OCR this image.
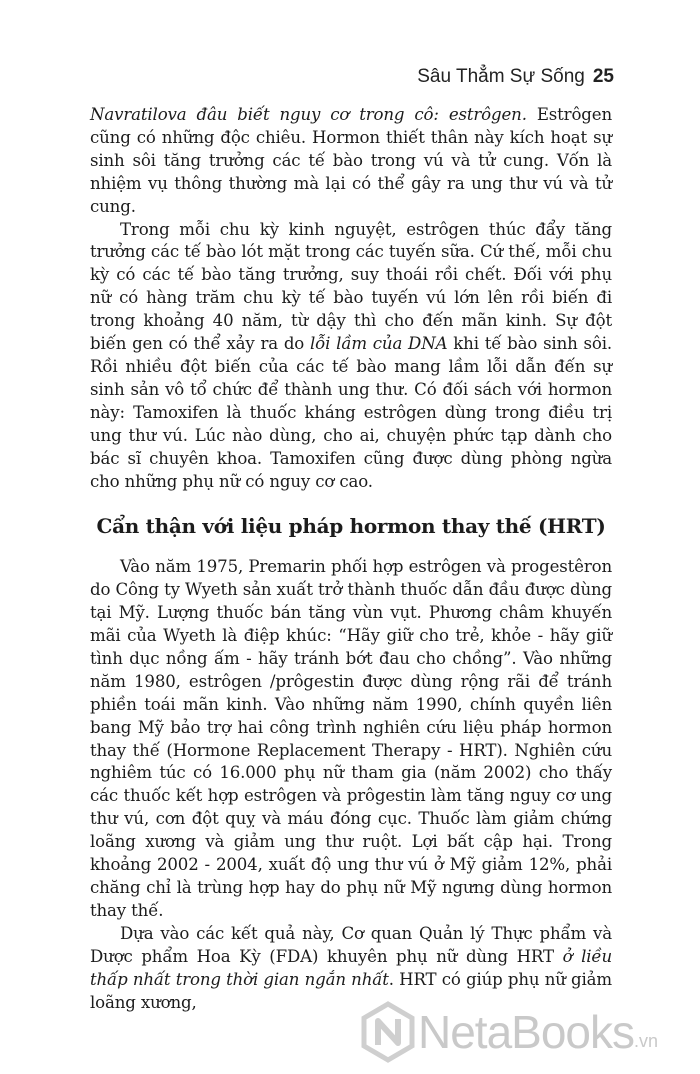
Sâu Thẳm Sự Sống 25

Navratilova đâu biết nguy cơ trong cô: estrôgen. Estrôgen cũng có những độc chiêu. Hormon thiết thân này kích hoạt sự sinh sôi tăng trưởng các tế bào trong vú và tử cung. Vốn là nhiệm vụ thông thường mà lại có thể gây ra ung thư vú và tử cung.

Trong mỗi chu kỳ kinh nguyệt, estrôgen thúc đẩy tăng trưởng các tế bào lót mặt trong các tuyến sữa. Cứ thế, mỗi chu kỳ có các tế bào tăng trưởng, suy thoái rồi chết. Đối với phụ nữ có hàng trăm chu kỳ tế bào tuyến vú lớn lên rồi biến đi trong khoảng 40 năm, từ dậy thì cho đến mãn kinh. Sự đột biến gen có thể xảy ra do lỗi lầm của DNA khi tế bào sinh sôi. Rồi nhiều đột biến của các tế bào mang lầm lỗi dẫn đến sự sinh sản vô tổ chức để thành ung thư. Có đối sách với hormon này: Tamoxifen là thuốc kháng estrôgen dùng trong điều trị ung thư vú. Lúc nào dùng, cho ai, chuyện phức tạp dành cho bác sĩ chuyên khoa. Tamoxifen cũng được dùng phòng ngừa cho những phụ nữ có nguy cơ cao.

Cẩn thận với liệu pháp hormon thay thế (HRT)

Vào năm 1975, Premarin phối hợp estrôgen và progestêron do Công ty Wyeth sản xuất trở thành thuốc dẫn đầu được dùng tại Mỹ. Lượng thuốc bán tăng vùn vụt. Phương châm khuyến mãi của Wyeth là điệp khúc: “Hãy giữ cho trẻ, khỏe - hãy giữ tình dục nồng ấm - hãy tránh bớt đau cho chồng”. Vào những năm 1980, estrôgen /prôgestin được dùng rộng rãi để tránh phiền toái mãn kinh. Vào những năm 1990, chính quyền liên bang Mỹ bảo trợ hai công trình nghiên cứu liệu pháp hormon thay thế (Hormone Replacement Therapy - HRT). Nghiên cứu nghiêm túc có 16.000 phụ nữ tham gia (năm 2002) cho thấy các thuốc kết hợp estrôgen và prôgestin làm tăng nguy cơ ung thư vú, cơn đột quỵ và máu đóng cục. Thuốc làm giảm chứng loãng xương và giảm ung thư ruột. Lợi bất cập hại. Trong khoảng 2002 - 2004, xuất độ ung thư vú ở Mỹ giảm 12%, phải chăng chỉ là trùng hợp hay do phụ nữ Mỹ ngưng dùng hormon thay thế.

Dựa vào các kết quả này, Cơ quan Quản lý Thực phẩm và Dược phẩm Hoa Kỳ (FDA) khuyên phụ nữ dùng HRT ở liều thấp nhất trong thời gian ngắn nhất. HRT có giúp phụ nữ giảm loãng xương,

NetaBooks .vn
